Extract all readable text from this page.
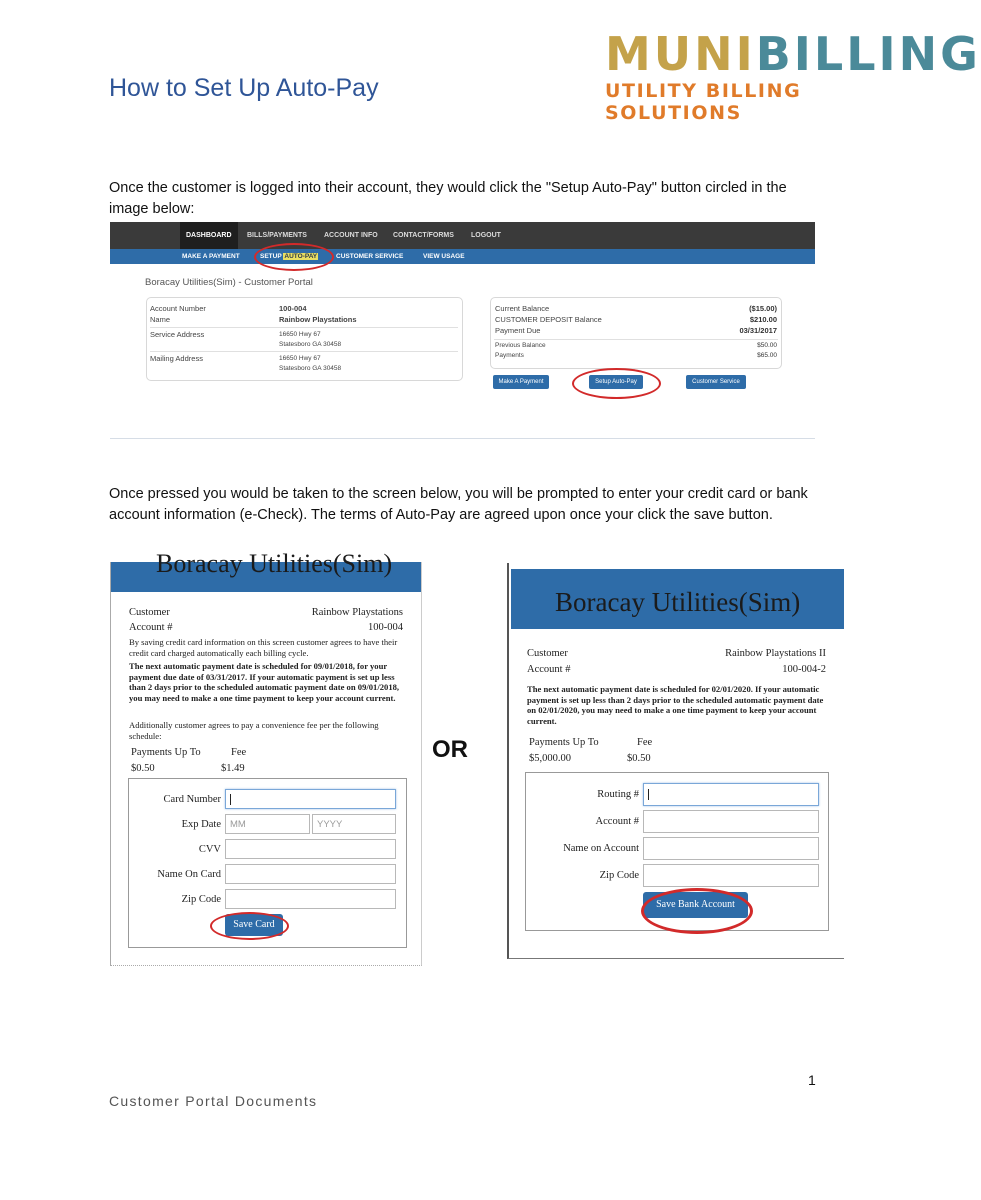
How to Set Up Auto-Pay
MUNIBILLING
UTILITY BILLING SOLUTIONS
Once the customer is logged into their account, they would click the "Setup Auto-Pay" button circled in the image below:
DASHBOARD	BILLS/PAYMENTS	ACCOUNT INFO	CONTACT/FORMS	LOGOUT
MAKE A PAYMENT	SETUP AUTO-PAY	CUSTOMER SERVICE	VIEW USAGE
Boracay Utilities(Sim) - Customer Portal
Account Number	100-004
Name	Rainbow Playstations
Service Address	16650 Hwy 67
Statesboro GA 30458
Mailing Address	16650 Hwy 67
Statesboro GA 30458
Current Balance	($15.00)
CUSTOMER DEPOSIT Balance	$210.00
Payment Due	03/31/2017
Previous Balance	$50.00
Payments	$65.00
Make A Payment	Setup Auto-Pay	Customer Service
Once pressed you would be taken to the screen below, you will be prompted to enter your credit card or bank account information (e-Check). The terms of Auto-Pay are agreed upon once your click the save button.
Boracay Utilities(Sim)
Customer	Rainbow Playstations
Account #	100-004
By saving credit card information on this screen customer agrees to have their credit card charged automatically each billing cycle.
The next automatic payment date is scheduled for 09/01/2018, for your payment due date of 03/31/2017. If your automatic payment is set up less than 2 days prior to the scheduled automatic payment date on 09/01/2018, you may need to make a one time payment to keep your account current.
Additionally customer agrees to pay a convenience fee per the following schedule:
Payments Up To	Fee
$0.50	$1.49
Card Number
Exp Date MM	YYYY
CVV
Name On Card
Zip Code
Save Card
OR
Boracay Utilities(Sim)
Customer	Rainbow Playstations II
Account #	100-004-2
The next automatic payment date is scheduled for 02/01/2020. If your automatic payment is set up less than 2 days prior to the scheduled automatic payment date on 02/01/2020, you may need to make a one time payment to keep your account current.
Payments Up To	Fee
$5,000.00	$0.50
Routing #
Account #
Name on Account
Zip Code
Save Bank Account
1
Customer Portal Documents
